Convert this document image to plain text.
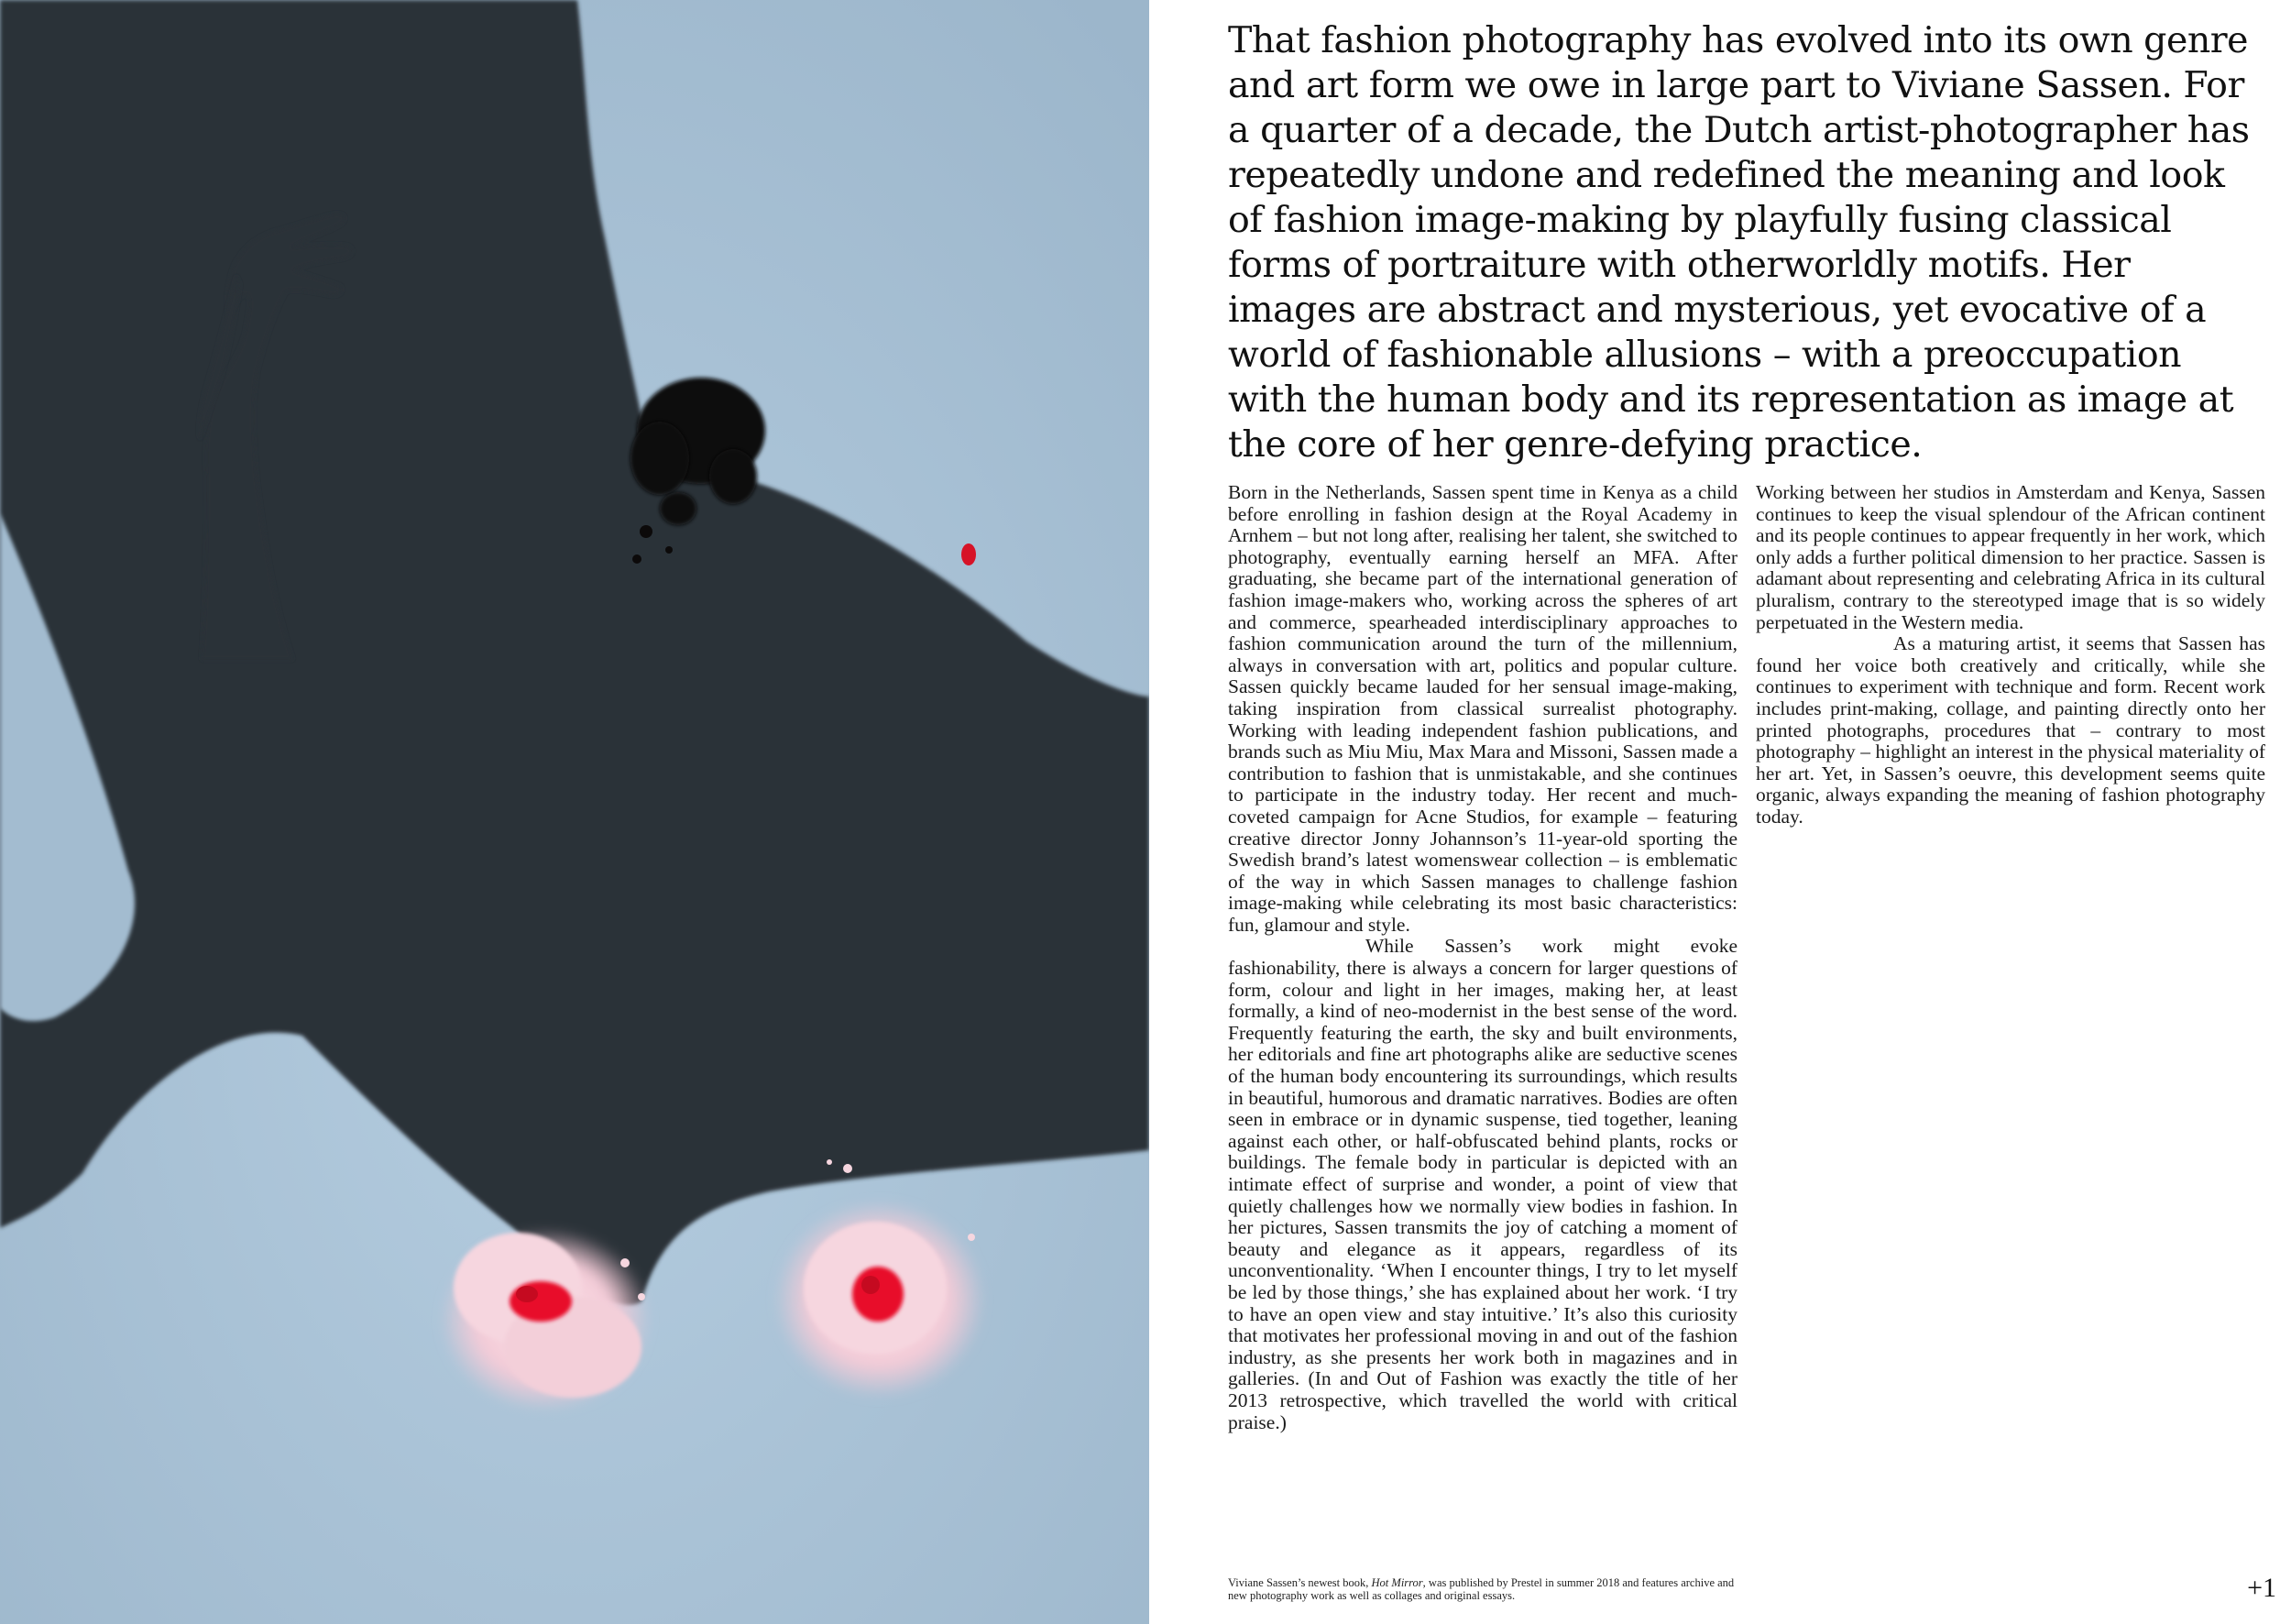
That fashion photography has evolved into its own genre and art form we owe in large part to Viviane Sassen. For a quarter of a decade, the Dutch artist-photographer has repeatedly undone and redefined the meaning and look of fashion image-making by playfully fusing classical forms of portraiture with otherworldly motifs. Her images are abstract and mysterious, yet evocative of a world of fashionable allusions – with a preoccupation with the human body and its representation as image at the core of her genre-defying practice.

Born in the Netherlands, Sassen spent time in Kenya as a child before enrolling in fashion design at the Royal Academy in Arnhem – but not long after, realising her talent, she switched to photography, eventually earning herself an MFA. After graduating, she became part of the international generation of fashion image-makers who, working across the spheres of art and commerce, spearheaded interdisciplinary approaches to fashion communication around the turn of the millennium, always in conversation with art, politics and popular culture. Sassen quickly became lauded for her sensual image-making, taking inspiration from classical surrealist photography. Working with leading independent fashion publications, and brands such as Miu Miu, Max Mara and Missoni, Sassen made a contribution to fashion that is unmistakable, and she continues to participate in the industry today. Her recent and much-coveted campaign for Acne Studios, for example – featuring creative director Jonny Johannson’s 11-year-old sporting the Swedish brand’s latest womenswear collection – is emblematic of the way in which Sassen manages to challenge fashion image-making while celebrating its most basic characteristics: fun, glamour and style.

While Sassen’s work might evoke fashionability, there is always a concern for larger questions of form, colour and light in her images, making her, at least formally, a kind of neo-modernist in the best sense of the word. Frequently featuring the earth, the sky and built environments, her editorials and fine art photographs alike are seductive scenes of the human body encountering its surroundings, which results in beautiful, humorous and dramatic narratives. Bodies are often seen in embrace or in dynamic suspense, tied together, leaning against each other, or half-obfuscated behind plants, rocks or buildings. The female body in particular is depicted with an intimate effect of surprise and wonder, a point of view that quietly challenges how we normally view bodies in fashion. In her pictures, Sassen transmits the joy of catching a moment of beauty and elegance as it appears, regardless of its unconventionality. ‘When I encounter things, I try to let myself be led by those things,’ she has explained about her work. ‘I try to have an open view and stay intuitive.’ It’s also this curiosity that motivates her professional moving in and out of the fashion industry, as she presents her work both in magazines and in galleries. (In and Out of Fashion was exactly the title of her 2013 retrospective, which travelled the world with critical praise.)

Working between her studios in Amsterdam and Kenya, Sassen continues to keep the visual splendour of the African continent and its people continues to appear frequently in her work, which only adds a further political dimension to her practice. Sassen is adamant about representing and celebrating Africa in its cultural pluralism, contrary to the stereotyped image that is so widely perpetuated in the Western media.

As a maturing artist, it seems that Sassen has found her voice both creatively and critically, while she continues to experiment with technique and form. Recent work includes print-making, collage, and painting directly onto her printed photographs, procedures that – contrary to most photography – highlight an interest in the physical materiality of her art. Yet, in Sassen’s oeuvre, this development seems quite organic, always expanding the meaning of fashion photography today.

Viviane Sassen’s newest book, Hot Mirror, was published by Prestel in summer 2018 and features archive and new photography work as well as collages and original essays.	+1
